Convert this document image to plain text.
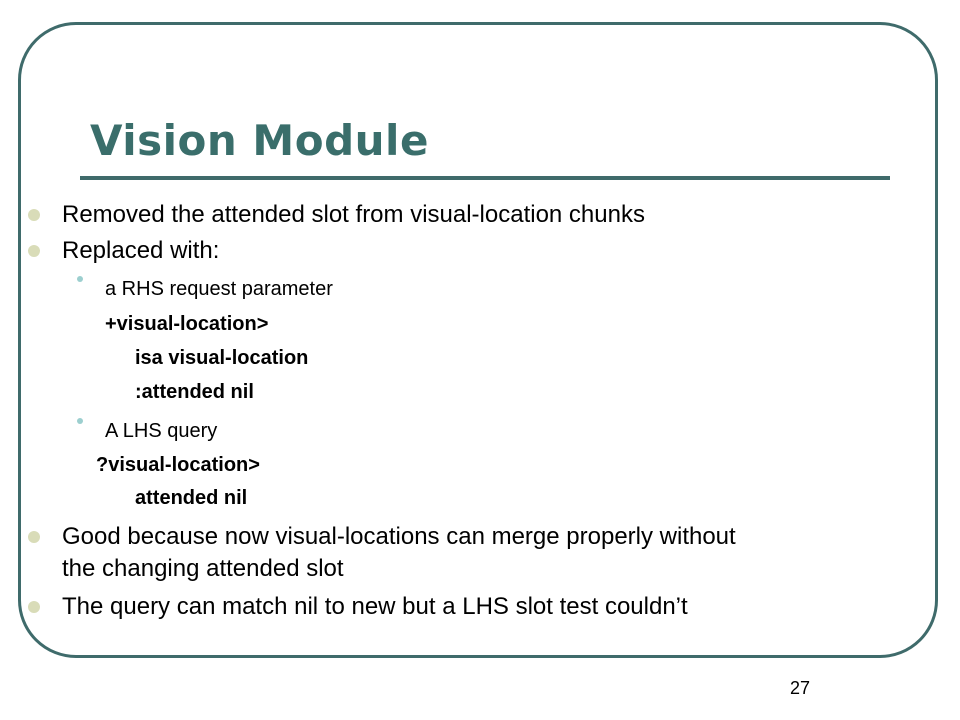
Vision Module
Removed the attended slot from visual-location chunks
Replaced with:
a RHS request parameter
+visual-location>
isa visual-location
:attended nil
A LHS query
?visual-location>
attended nil
Good because now visual-locations can merge properly without
the changing attended slot
The query can match nil to new but a LHS slot test couldn’t
27
